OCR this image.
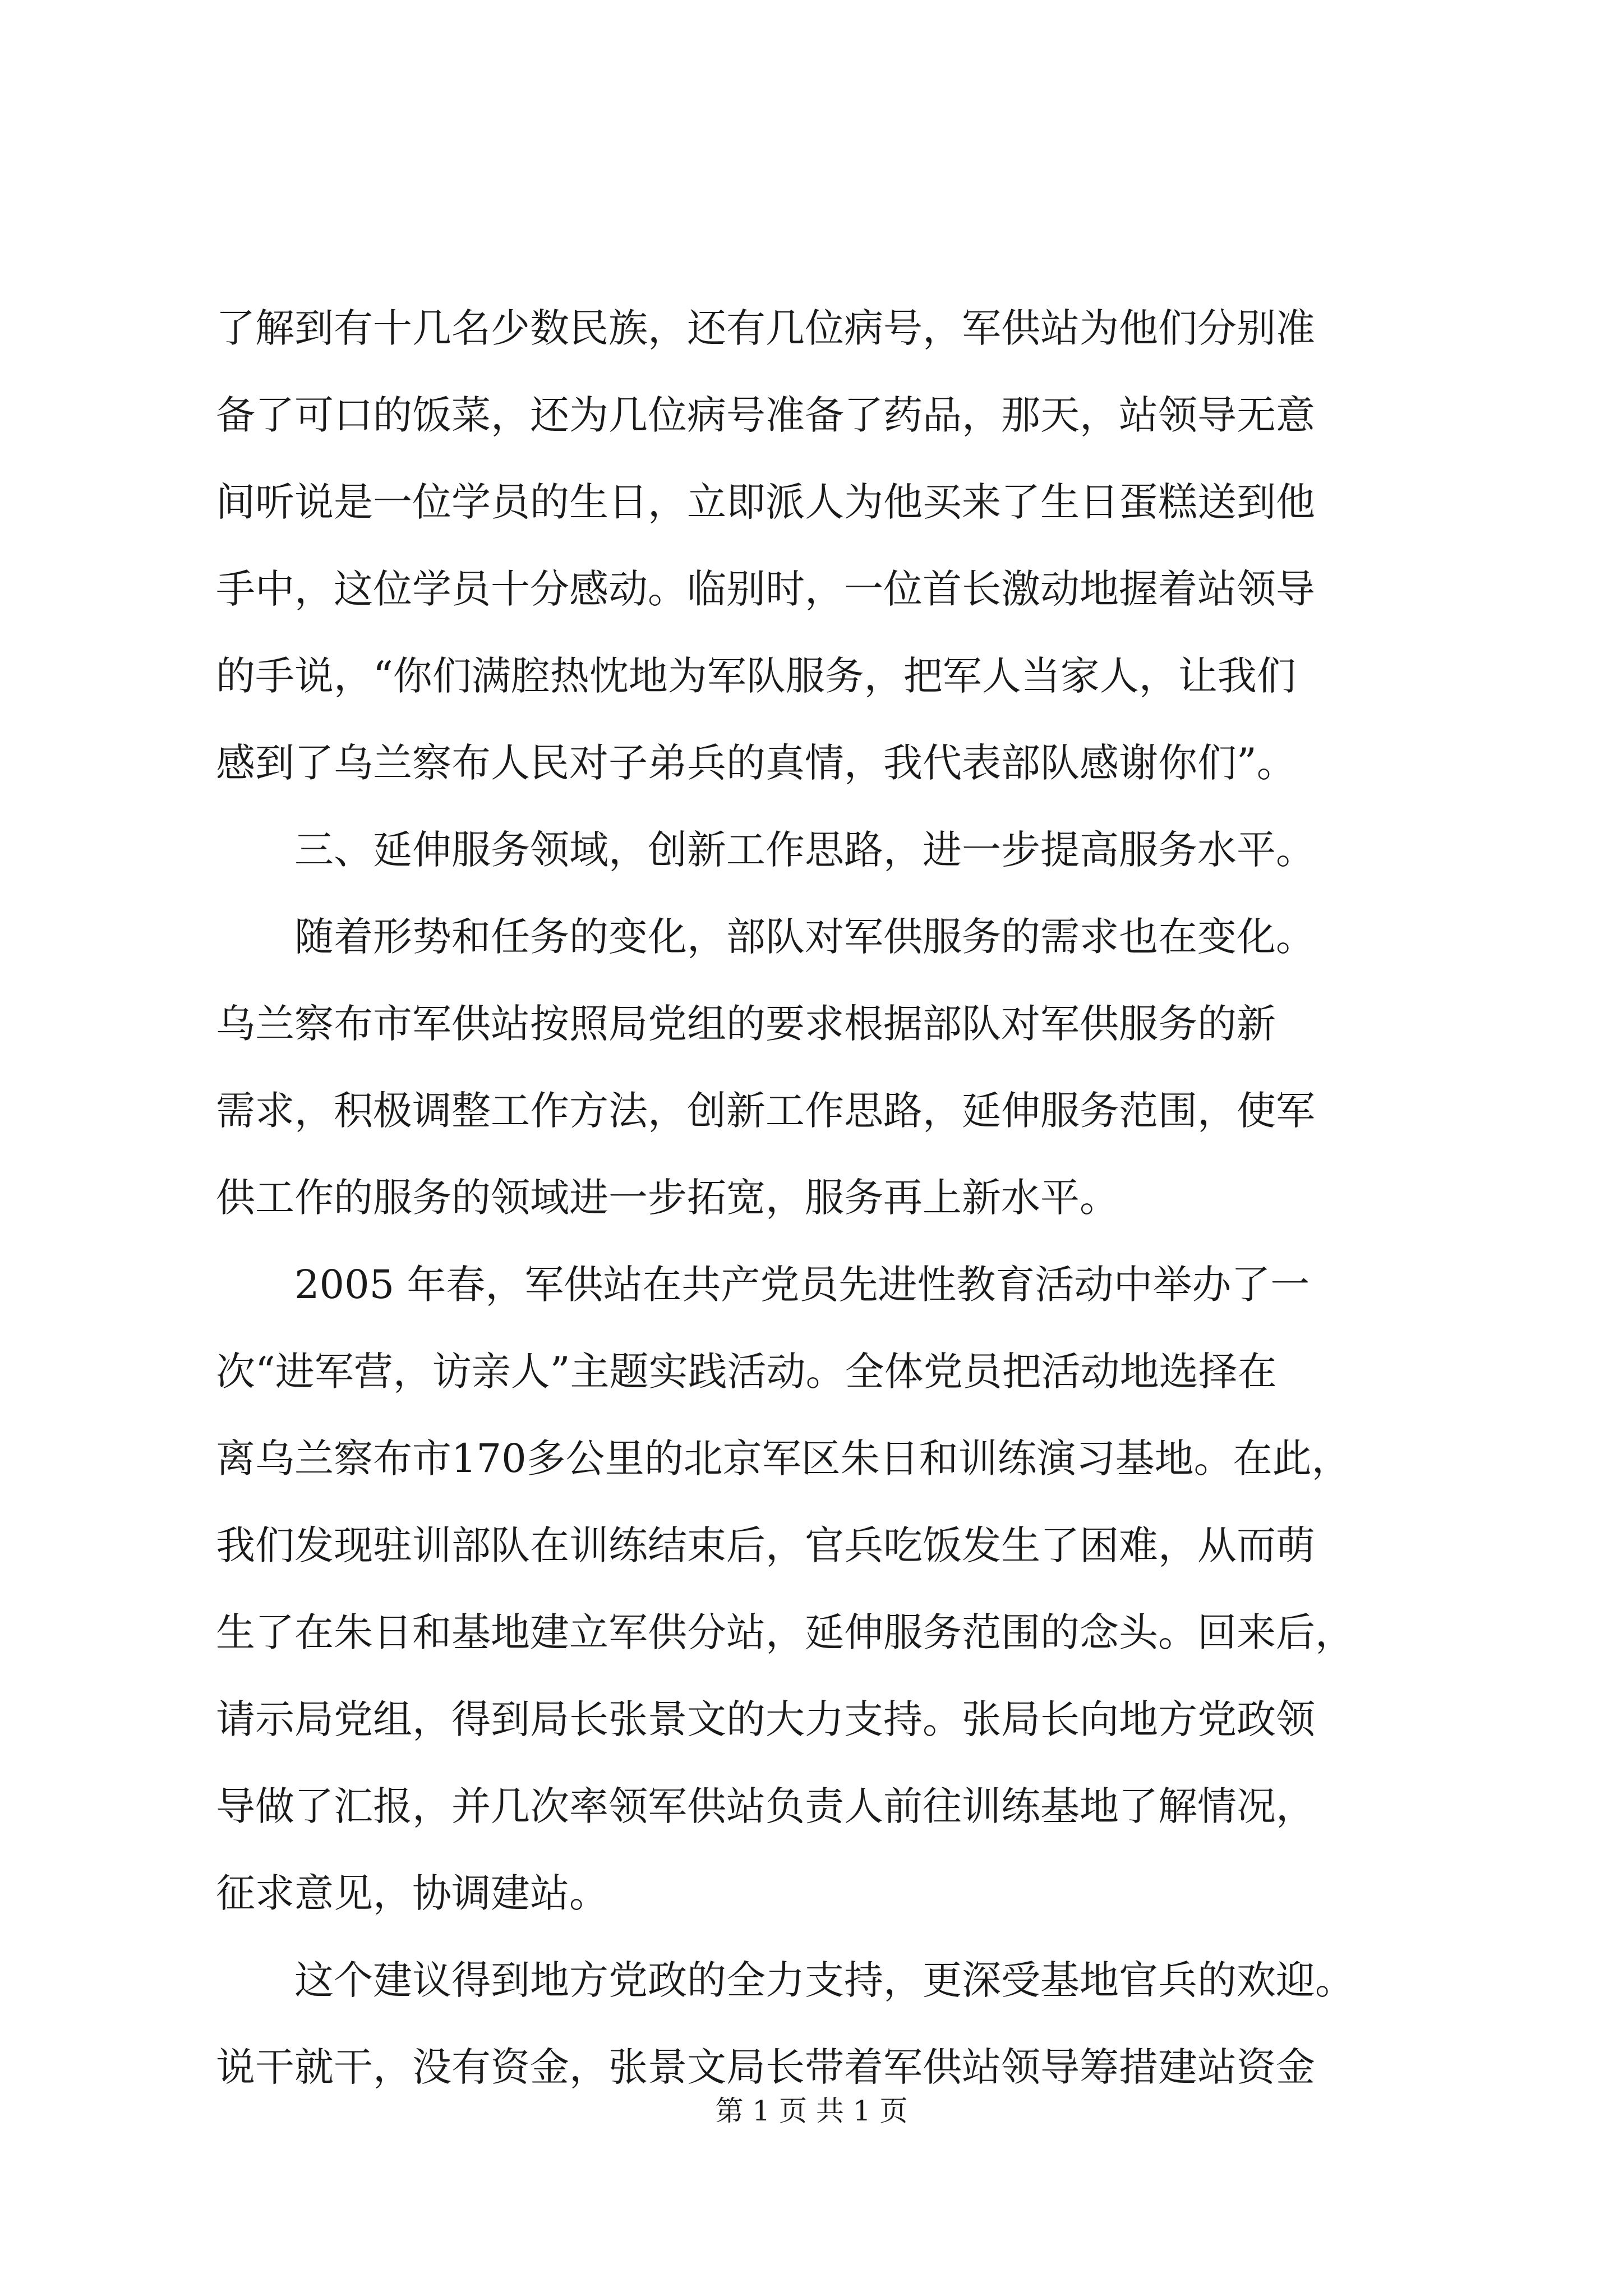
了解到有十几名少数民族，还有几位病号，军供站为他们分别准
备了可口的饭菜，还为几位病号准备了药品，那天，站领导无意
间听说是一位学员的生日，立即派人为他买来了生日蛋糕送到他
手中，这位学员十分感动。临别时，一位首长激动地握着站领导
的手说，“你们满腔热忱地为军队服务，把军人当家人，让我们
感到了乌兰察布人民对子弟兵的真情，我代表部队感谢你们”。
　　三、延伸服务领域，创新工作思路，进一步提高服务水平。
　　随着形势和任务的变化，部队对军供服务的需求也在变化。
乌兰察布市军供站按照局党组的要求根据部队对军供服务的新
需求，积极调整工作方法，创新工作思路，延伸服务范围，使军
供工作的服务的领域进一步拓宽，服务再上新水平。
　　2005 年春，军供站在共产党员先进性教育活动中举办了一
次“进军营，访亲人”主题实践活动。全体党员把活动地选择在
离乌兰察布市170多公里的北京军区朱日和训练演习基地。在此，
我们发现驻训部队在训练结束后，官兵吃饭发生了困难，从而萌
生了在朱日和基地建立军供分站，延伸服务范围的念头。回来后，
请示局党组，得到局长张景文的大力支持。张局长向地方党政领
导做了汇报，并几次率领军供站负责人前往训练基地了解情况，
征求意见，协调建站。
　　这个建议得到地方党政的全力支持，更深受基地官兵的欢迎。
说干就干，没有资金，张景文局长带着军供站领导筹措建站资金
第 1 页 共 1 页
